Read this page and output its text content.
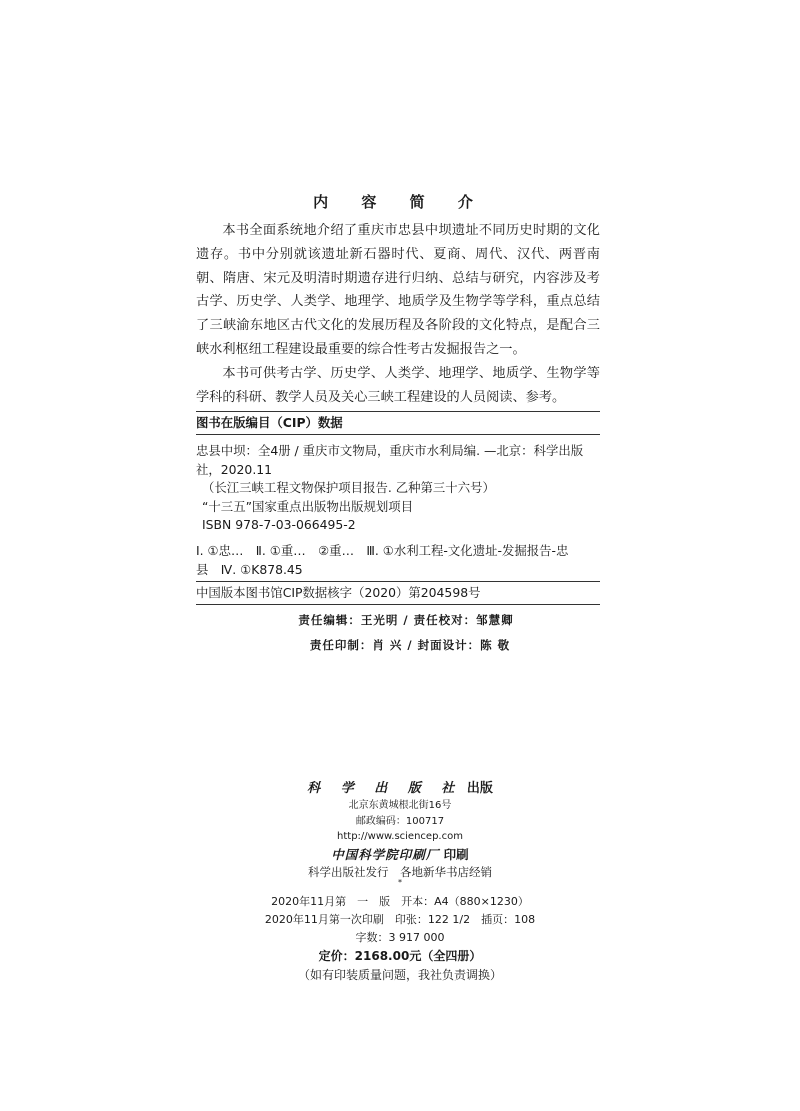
内 容 简 介

本书全面系统地介绍了重庆市忠县中坝遗址不同历史时期的文化遗存。书中分别就该遗址新石器时代、夏商、周代、汉代、两晋南朝、隋唐、宋元及明清时期遗存进行归纳、总结与研究，内容涉及考古学、历史学、人类学、地理学、地质学及生物学等学科，重点总结了三峡渝东地区古代文化的发展历程及各阶段的文化特点，是配合三峡水利枢纽工程建设最重要的综合性考古发掘报告之一。

本书可供考古学、历史学、人类学、地理学、地质学、生物学等学科的科研、教学人员及关心三峡工程建设的人员阅读、参考。

图书在版编目（CIP）数据
忠县中坝：全4册 / 重庆市文物局，重庆市水利局编. —北京：科学出版
社，2020.11
（长江三峡工程文物保护项目报告. 乙种第三十六号）
“十三五”国家重点出版物出版规划项目
ISBN 978-7-03-066495-2
Ⅰ. ①忠…　Ⅱ. ①重…　②重…　Ⅲ. ①水利工程-文化遗址-发掘报告-忠
县　Ⅳ. ①K878.45
中国版本图书馆CIP数据核字（2020）第204598号
责任编辑：王光明 / 责任校对：邹慧卿
责任印制：肖 兴 / 封面设计：陈 敬
科 学 出 版 社 出版
北京东黄城根北街16号
邮政编码：100717
http://www.sciencep.com
中国科学院印刷厂 印刷
科学出版社发行　各地新华书店经销
*
2020年11月第　一　版　开本：A4（880×1230）
2020年11月第一次印刷　印张：122 1/2　插页：108
字数：3 917 000
定价：2168.00元（全四册）
（如有印装质量问题，我社负责调换）
